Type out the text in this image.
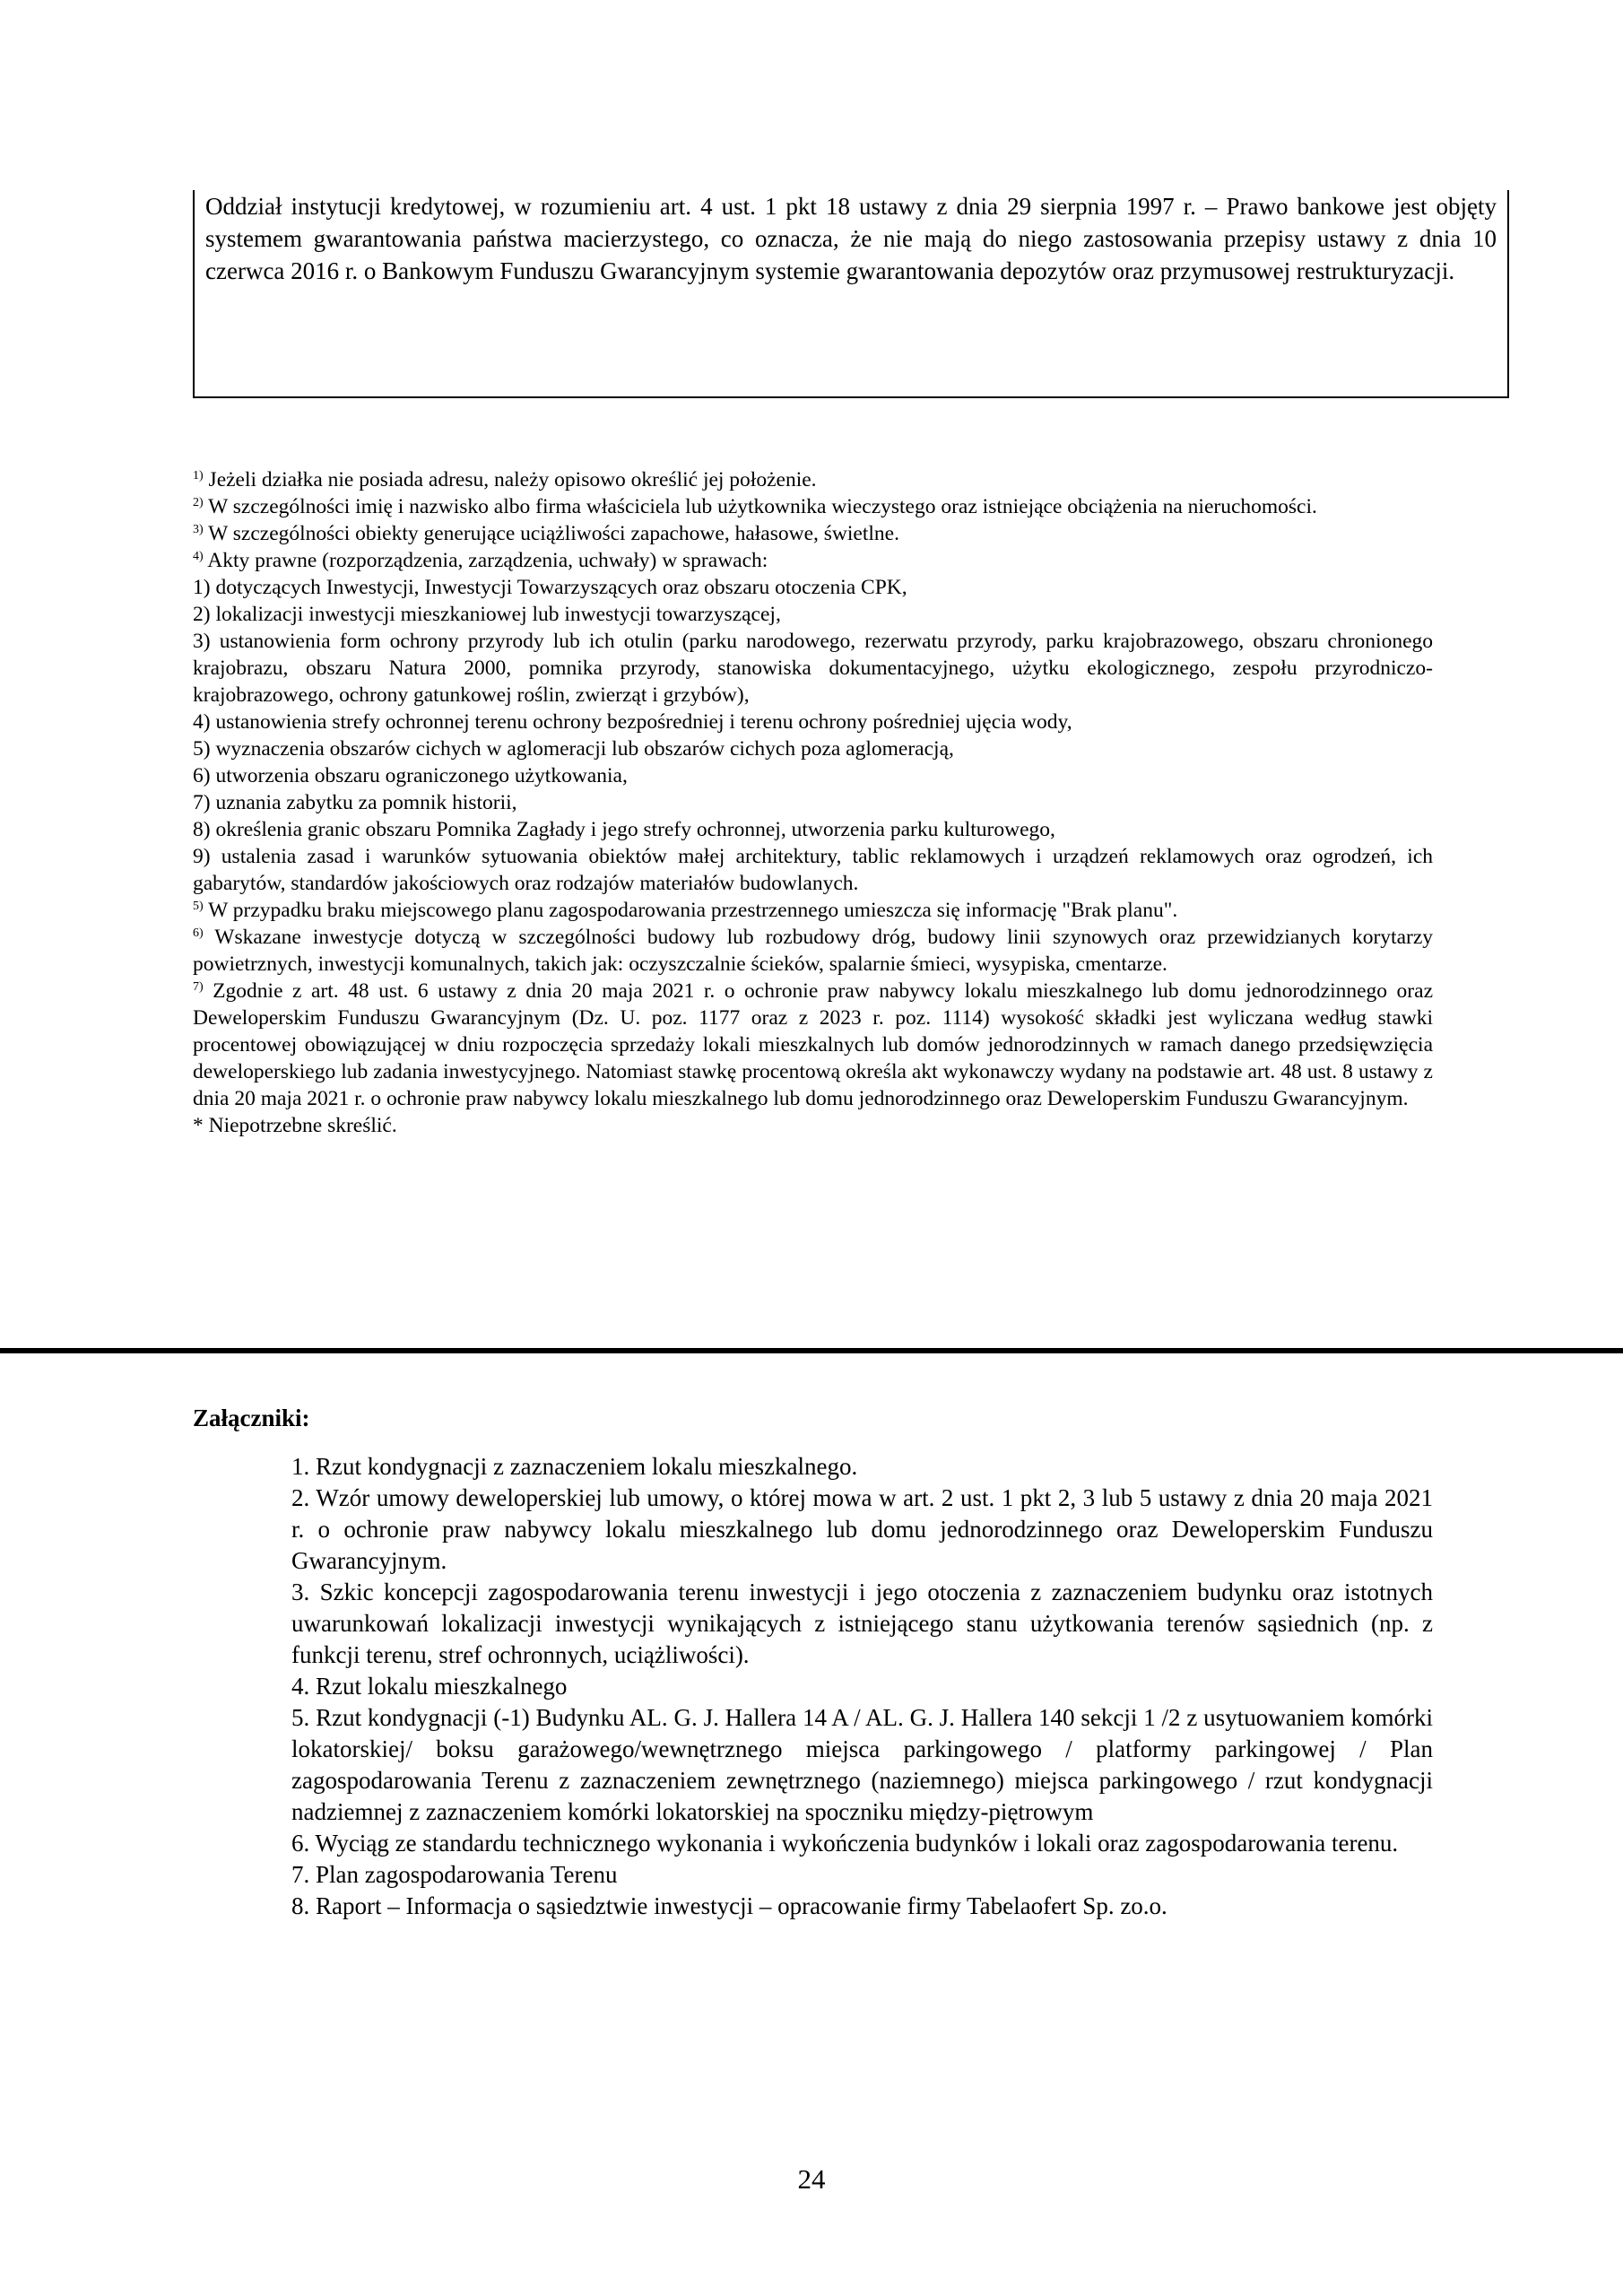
Oddział instytucji kredytowej, w rozumieniu art. 4 ust. 1 pkt 18 ustawy z dnia 29 sierpnia 1997 r. – Prawo bankowe jest objęty systemem gwarantowania państwa macierzystego, co oznacza, że nie mają do niego zastosowania przepisy ustawy z dnia 10 czerwca 2016 r. o Bankowym Funduszu Gwarancyjnym systemie gwarantowania depozytów oraz przymusowej restrukturyzacji.

$^{1)}$ Jeżeli działka nie posiada adresu, należy opisowo określić jej położenie.

$^{2)}$ W szczególności imię i nazwisko albo firma właściciela lub użytkownika wieczystego oraz istniejące obciążenia na nieruchomości.

$^{3)}$ W szczególności obiekty generujące uciążliwości zapachowe, hałasowe, świetlne.

$^{4)}$ Akty prawne (rozporządzenia, zarządzenia, uchwały) w sprawach:

1) dotyczących Inwestycji, Inwestycji Towarzyszących oraz obszaru otoczenia CPK,

2) lokalizacji inwestycji mieszkaniowej lub inwestycji towarzyszącej,

3) ustanowienia form ochrony przyrody lub ich otulin (parku narodowego, rezerwatu przyrody, parku krajobrazowego, obszaru chronionego krajobrazu, obszaru Natura 2000, pomnika przyrody, stanowiska dokumentacyjnego, użytku ekologicznego, zespołu przyrodniczo-krajobrazowego, ochrony gatunkowej roślin, zwierząt i grzybów),

4) ustanowienia strefy ochronnej terenu ochrony bezpośredniej i terenu ochrony pośredniej ujęcia wody,

5) wyznaczenia obszarów cichych w aglomeracji lub obszarów cichych poza aglomeracją,

6) utworzenia obszaru ograniczonego użytkowania,

7) uznania zabytku za pomnik historii,

8) określenia granic obszaru Pomnika Zagłady i jego strefy ochronnej, utworzenia parku kulturowego,

9) ustalenia zasad i warunków sytuowania obiektów małej architektury, tablic reklamowych i urządzeń reklamowych oraz ogrodzeń, ich gabarytów, standardów jakościowych oraz rodzajów materiałów budowlanych.

$^{5)}$ W przypadku braku miejscowego planu zagospodarowania przestrzennego umieszcza się informację "Brak planu".

$^{6)}$ Wskazane inwestycje dotyczą w szczególności budowy lub rozbudowy dróg, budowy linii szynowych oraz przewidzianych korytarzy powietrznych, inwestycji komunalnych, takich jak: oczyszczalnie ścieków, spalarnie śmieci, wysypiska, cmentarze.

$^{7)}$ Zgodnie z art. 48 ust. 6 ustawy z dnia 20 maja 2021 r. o ochronie praw nabywcy lokalu mieszkalnego lub domu jednorodzinnego oraz Deweloperskim Funduszu Gwarancyjnym (Dz. U. poz. 1177 oraz z 2023 r. poz. 1114) wysokość składki jest wyliczana według stawki procentowej obowiązującej w dniu rozpoczęcia sprzedaży lokali mieszkalnych lub domów jednorodzinnych w ramach danego przedsięwzięcia deweloperskiego lub zadania inwestycyjnego. Natomiast stawkę procentową określa akt wykonawczy wydany na podstawie art. 48 ust. 8 ustawy z dnia 20 maja 2021 r. o ochronie praw nabywcy lokalu mieszkalnego lub domu jednorodzinnego oraz Deweloperskim Funduszu Gwarancyjnym.

* Niepotrzebne skreślić.

Załączniki:

1. Rzut kondygnacji z zaznaczeniem lokalu mieszkalnego.

2. Wzór umowy deweloperskiej lub umowy, o której mowa w art. 2 ust. 1 pkt 2, 3 lub 5 ustawy z dnia 20 maja 2021 r. o ochronie praw nabywcy lokalu mieszkalnego lub domu jednorodzinnego oraz Deweloperskim Funduszu Gwarancyjnym.

3. Szkic koncepcji zagospodarowania terenu inwestycji i jego otoczenia z zaznaczeniem budynku oraz istotnych uwarunkowań lokalizacji inwestycji wynikających z istniejącego stanu użytkowania terenów sąsiednich (np. z funkcji terenu, stref ochronnych, uciążliwości).

4. Rzut lokalu mieszkalnego

5. Rzut kondygnacji (-1) Budynku AL. G. J. Hallera 14 A / AL. G. J. Hallera 140 sekcji 1 /2 z usytuowaniem komórki lokatorskiej/ boksu garażowego/wewnętrznego miejsca parkingowego / platformy parkingowej / Plan zagospodarowania Terenu z zaznaczeniem zewnętrznego (naziemnego) miejsca parkingowego / rzut kondygnacji nadziemnej z zaznaczeniem komórki lokatorskiej na spoczniku między-piętrowym

6. Wyciąg ze standardu technicznego wykonania i wykończenia budynków i lokali oraz zagospodarowania terenu.

7. Plan zagospodarowania Terenu

8. Raport – Informacja o sąsiedztwie inwestycji – opracowanie firmy Tabelaofert Sp. zo.o.

24
